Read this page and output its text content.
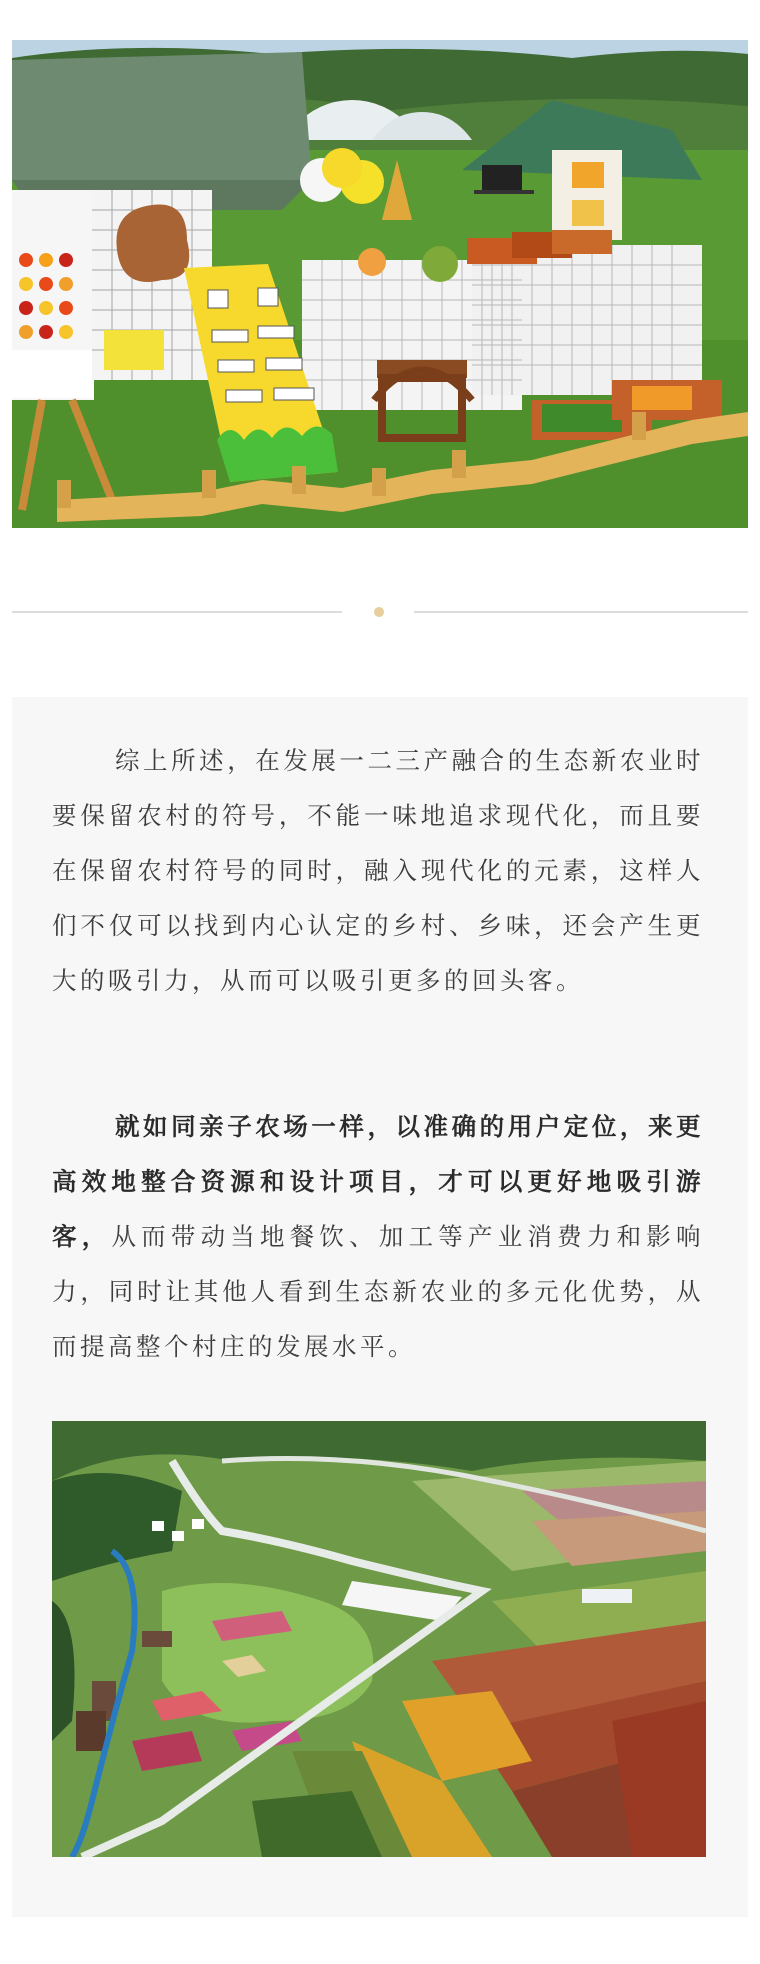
综上所述，在发展一二三产融合的生态新农业时要保留农村的符号，不能一味地追求现代化，而且要在保留农村符号的同时，融入现代化的元素，这样人们不仅可以找到内心认定的乡村、乡味，还会产生更大的吸引力，从而可以吸引更多的回头客。

就如同亲子农场一样，以准确的用户定位，来更高效地整合资源和设计项目，才可以更好地吸引游客，从而带动当地餐饮、加工等产业消费力和影响力，同时让其他人看到生态新农业的多元化优势，从而提高整个村庄的发展水平。
